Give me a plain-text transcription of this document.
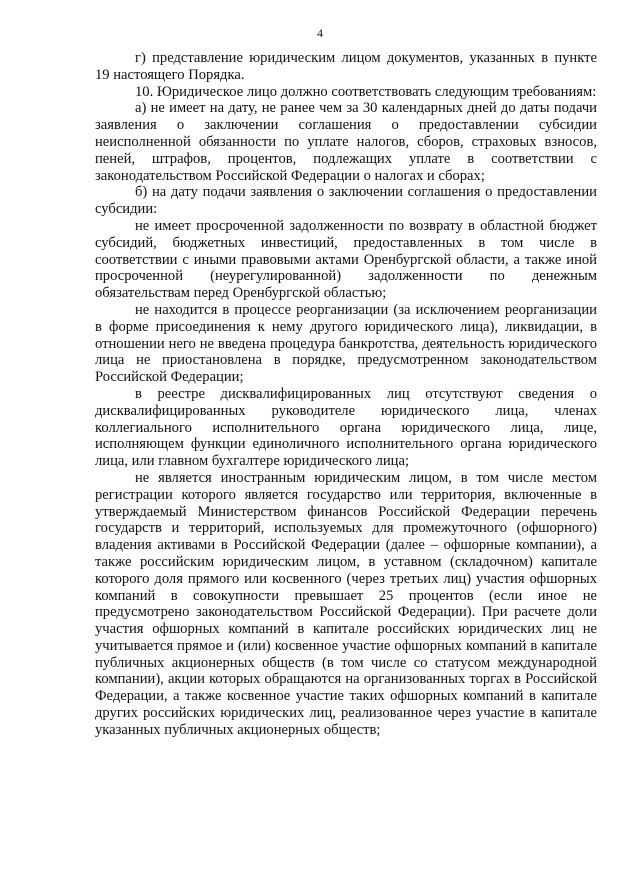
4

г) представление юридическим лицом документов, указанных в пункте 19 настоящего Порядка.

10. Юридическое лицо должно соответствовать следующим требованиям:

а) не имеет на дату, не ранее чем за 30 календарных дней до даты подачи заявления о заключении соглашения о предоставлении субсидии неисполненной обязанности по уплате налогов, сборов, страховых взносов, пеней, штрафов, процентов, подлежащих уплате в соответствии с законодательством Российской Федерации о налогах и сборах;

б) на дату подачи заявления о заключении соглашения о предоставлении субсидии:

не имеет просроченной задолженности по возврату в областной бюджет субсидий, бюджетных инвестиций, предоставленных в том числе в соответствии с иными правовыми актами Оренбургской области, а также иной просроченной (неурегулированной) задолженности по денежным обязательствам перед Оренбургской областью;

не находится в процессе реорганизации (за исключением реорганизации в форме присоединения к нему другого юридического лица), ликвидации, в отношении него не введена процедура банкротства, деятельность юридического лица не приостановлена в порядке, предусмотренном законодательством Российской Федерации;

в реестре дисквалифицированных лиц отсутствуют сведения о дисквалифицированных руководителе юридического лица, членах коллегиального исполнительного органа юридического лица, лице, исполняющем функции единоличного исполнительного органа юридического лица, или главном бухгалтере юридического лица;

не является иностранным юридическим лицом, в том числе местом регистрации которого является государство или территория, включенные в утверждаемый Министерством финансов Российской Федерации перечень государств и территорий, используемых для промежуточного (офшорного) владения активами в Российской Федерации (далее – офшорные компании), а также российским юридическим лицом, в уставном (складочном) капитале которого доля прямого или косвенного (через третьих лиц) участия офшорных компаний в совокупности превышает 25 процентов (если иное не предусмотрено законодательством Российской Федерации). При расчете доли участия офшорных компаний в капитале российских юридических лиц не учитывается прямое и (или) косвенное участие офшорных компаний в капитале публичных акционерных обществ (в том числе со статусом международной компании), акции которых обращаются на организованных торгах в Российской Федерации, а также косвенное участие таких офшорных компаний в капитале других российских юридических лиц, реализованное через участие в капитале указанных публичных акционерных обществ;
